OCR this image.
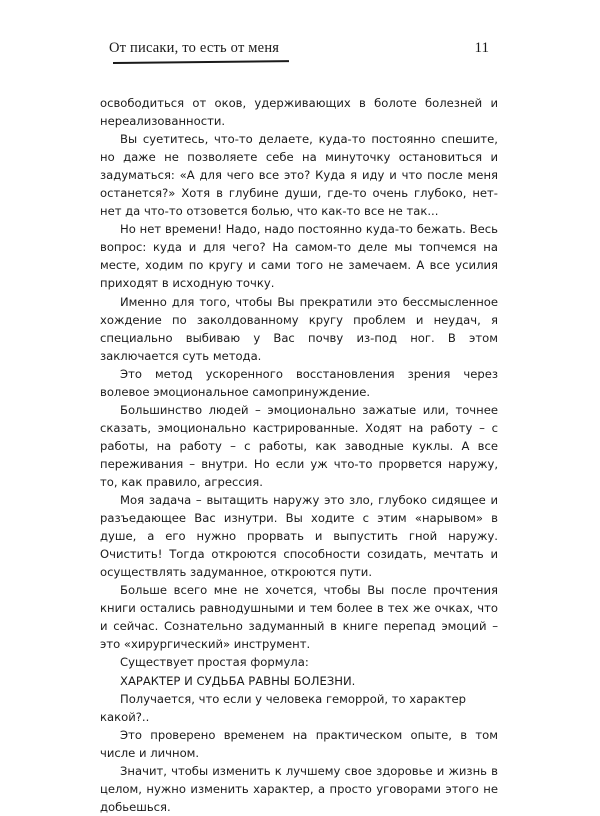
От писаки, то есть от меня	11

освободиться от оков, удерживающих в болоте болезней и нереализованности.

Вы суетитесь, что-то делаете, куда-то постоянно спешите, но даже не позволяете себе на минуточку остановиться и задуматься: «А для чего все это? Куда я иду и что после меня останется?» Хотя в глубине души, где-то очень глубоко, нет-нет да что-то отзовется болью, что как-то все не так...

Но нет времени! Надо, надо постоянно куда-то бежать. Весь вопрос: куда и для чего? На самом-то деле мы топчемся на месте, ходим по кругу и сами того не замечаем. А все усилия приходят в исходную точку.

Именно для того, чтобы Вы прекратили это бессмысленное хождение по заколдованному кругу проблем и неудач, я специально выбиваю у Вас почву из-под ног. В этом заключается суть метода.

Это метод ускоренного восстановления зрения через волевое эмоциональное самопринуждение.

Большинство людей – эмоционально зажатые или, точнее сказать, эмоционально кастрированные. Ходят на работу – с работы, на работу – с работы, как заводные куклы. А все переживания – внутри. Но если уж что-то прорвется наружу, то, как правило, агрессия.

Моя задача – вытащить наружу это зло, глубоко сидящее и разъедающее Вас изнутри. Вы ходите с этим «нарывом» в душе, а его нужно прорвать и выпустить гной наружу. Очистить! Тогда откроются способности созидать, мечтать и осуществлять задуманное, откроются пути.

Больше всего мне не хочется, чтобы Вы после прочтения книги остались равнодушными и тем более в тех же очках, что и сейчас. Сознательно задуманный в книге перепад эмоций – это «хирургический» инструмент.

Существует простая формула:

ХАРАКТЕР И СУДЬБА РАВНЫ БОЛЕЗНИ.

Получается, что если у человека геморрой, то характер какой?..

Это проверено временем на практическом опыте, в том числе и личном.

Значит, чтобы изменить к лучшему свое здоровье и жизнь в целом, нужно изменить характер, а просто уговорами этого не добьешься.
